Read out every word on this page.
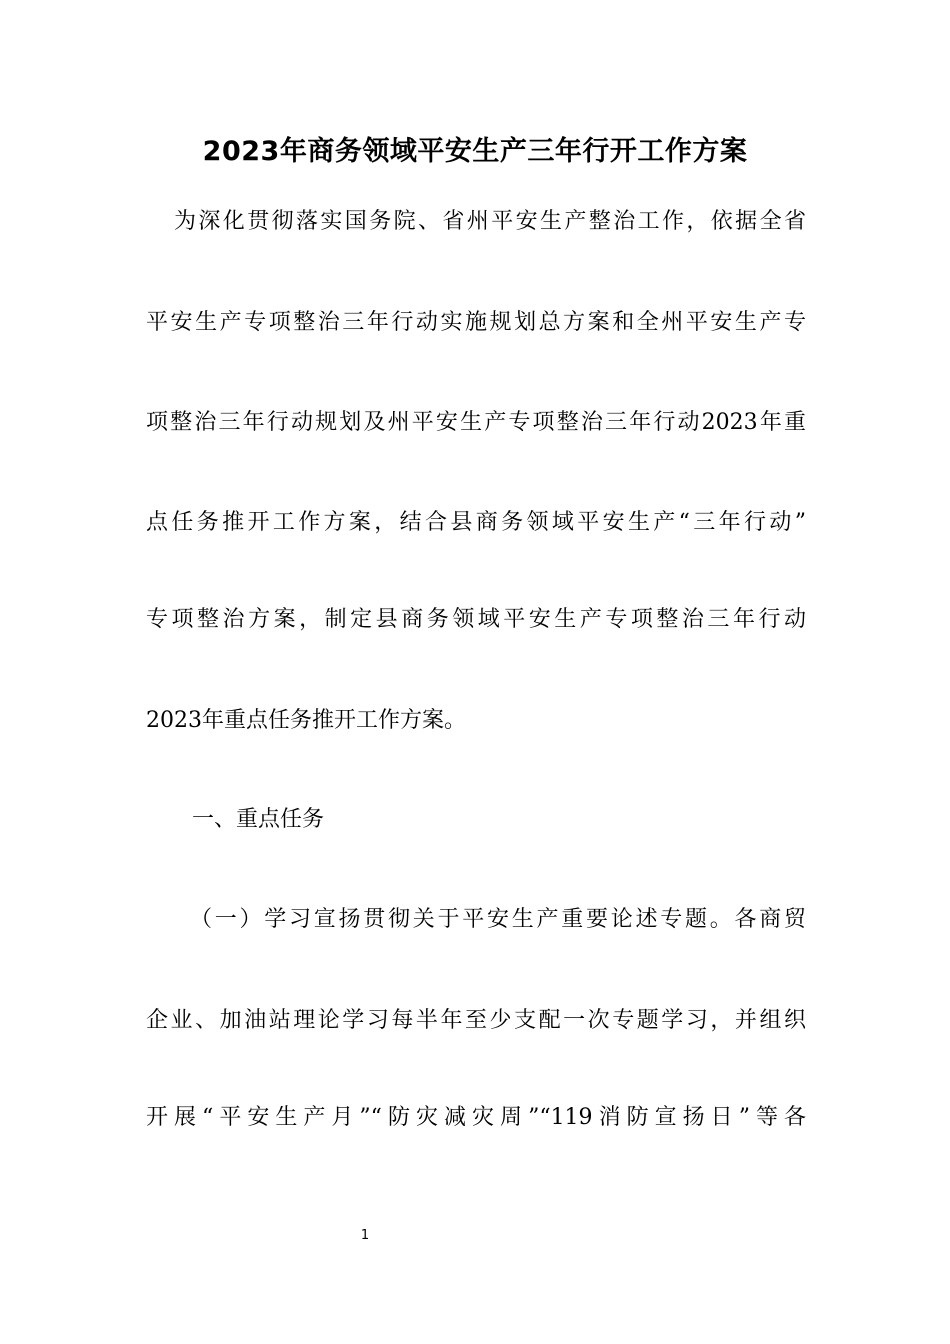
2023年商务领域平安生产三年行开工作方案
为深化贯彻落实国务院、省州平安生产整治工作，依据全省
平安生产专项整治三年行动实施规划总方案和全州平安生产专
项整治三年行动规划及州平安生产专项整治三年行动2023年重
点任务推开工作方案，结合县商务领域平安生产“三年行动”
专项整治方案，制定县商务领域平安生产专项整治三年行动
2023年重点任务推开工作方案。
一、重点任务
（一）学习宣扬贯彻关于平安生产重要论述专题。各商贸
企业、加油站理论学习每半年至少支配一次专题学习，并组织
开展“平安生产月”“防灾减灾周”“119消防宣扬日”等各
1
